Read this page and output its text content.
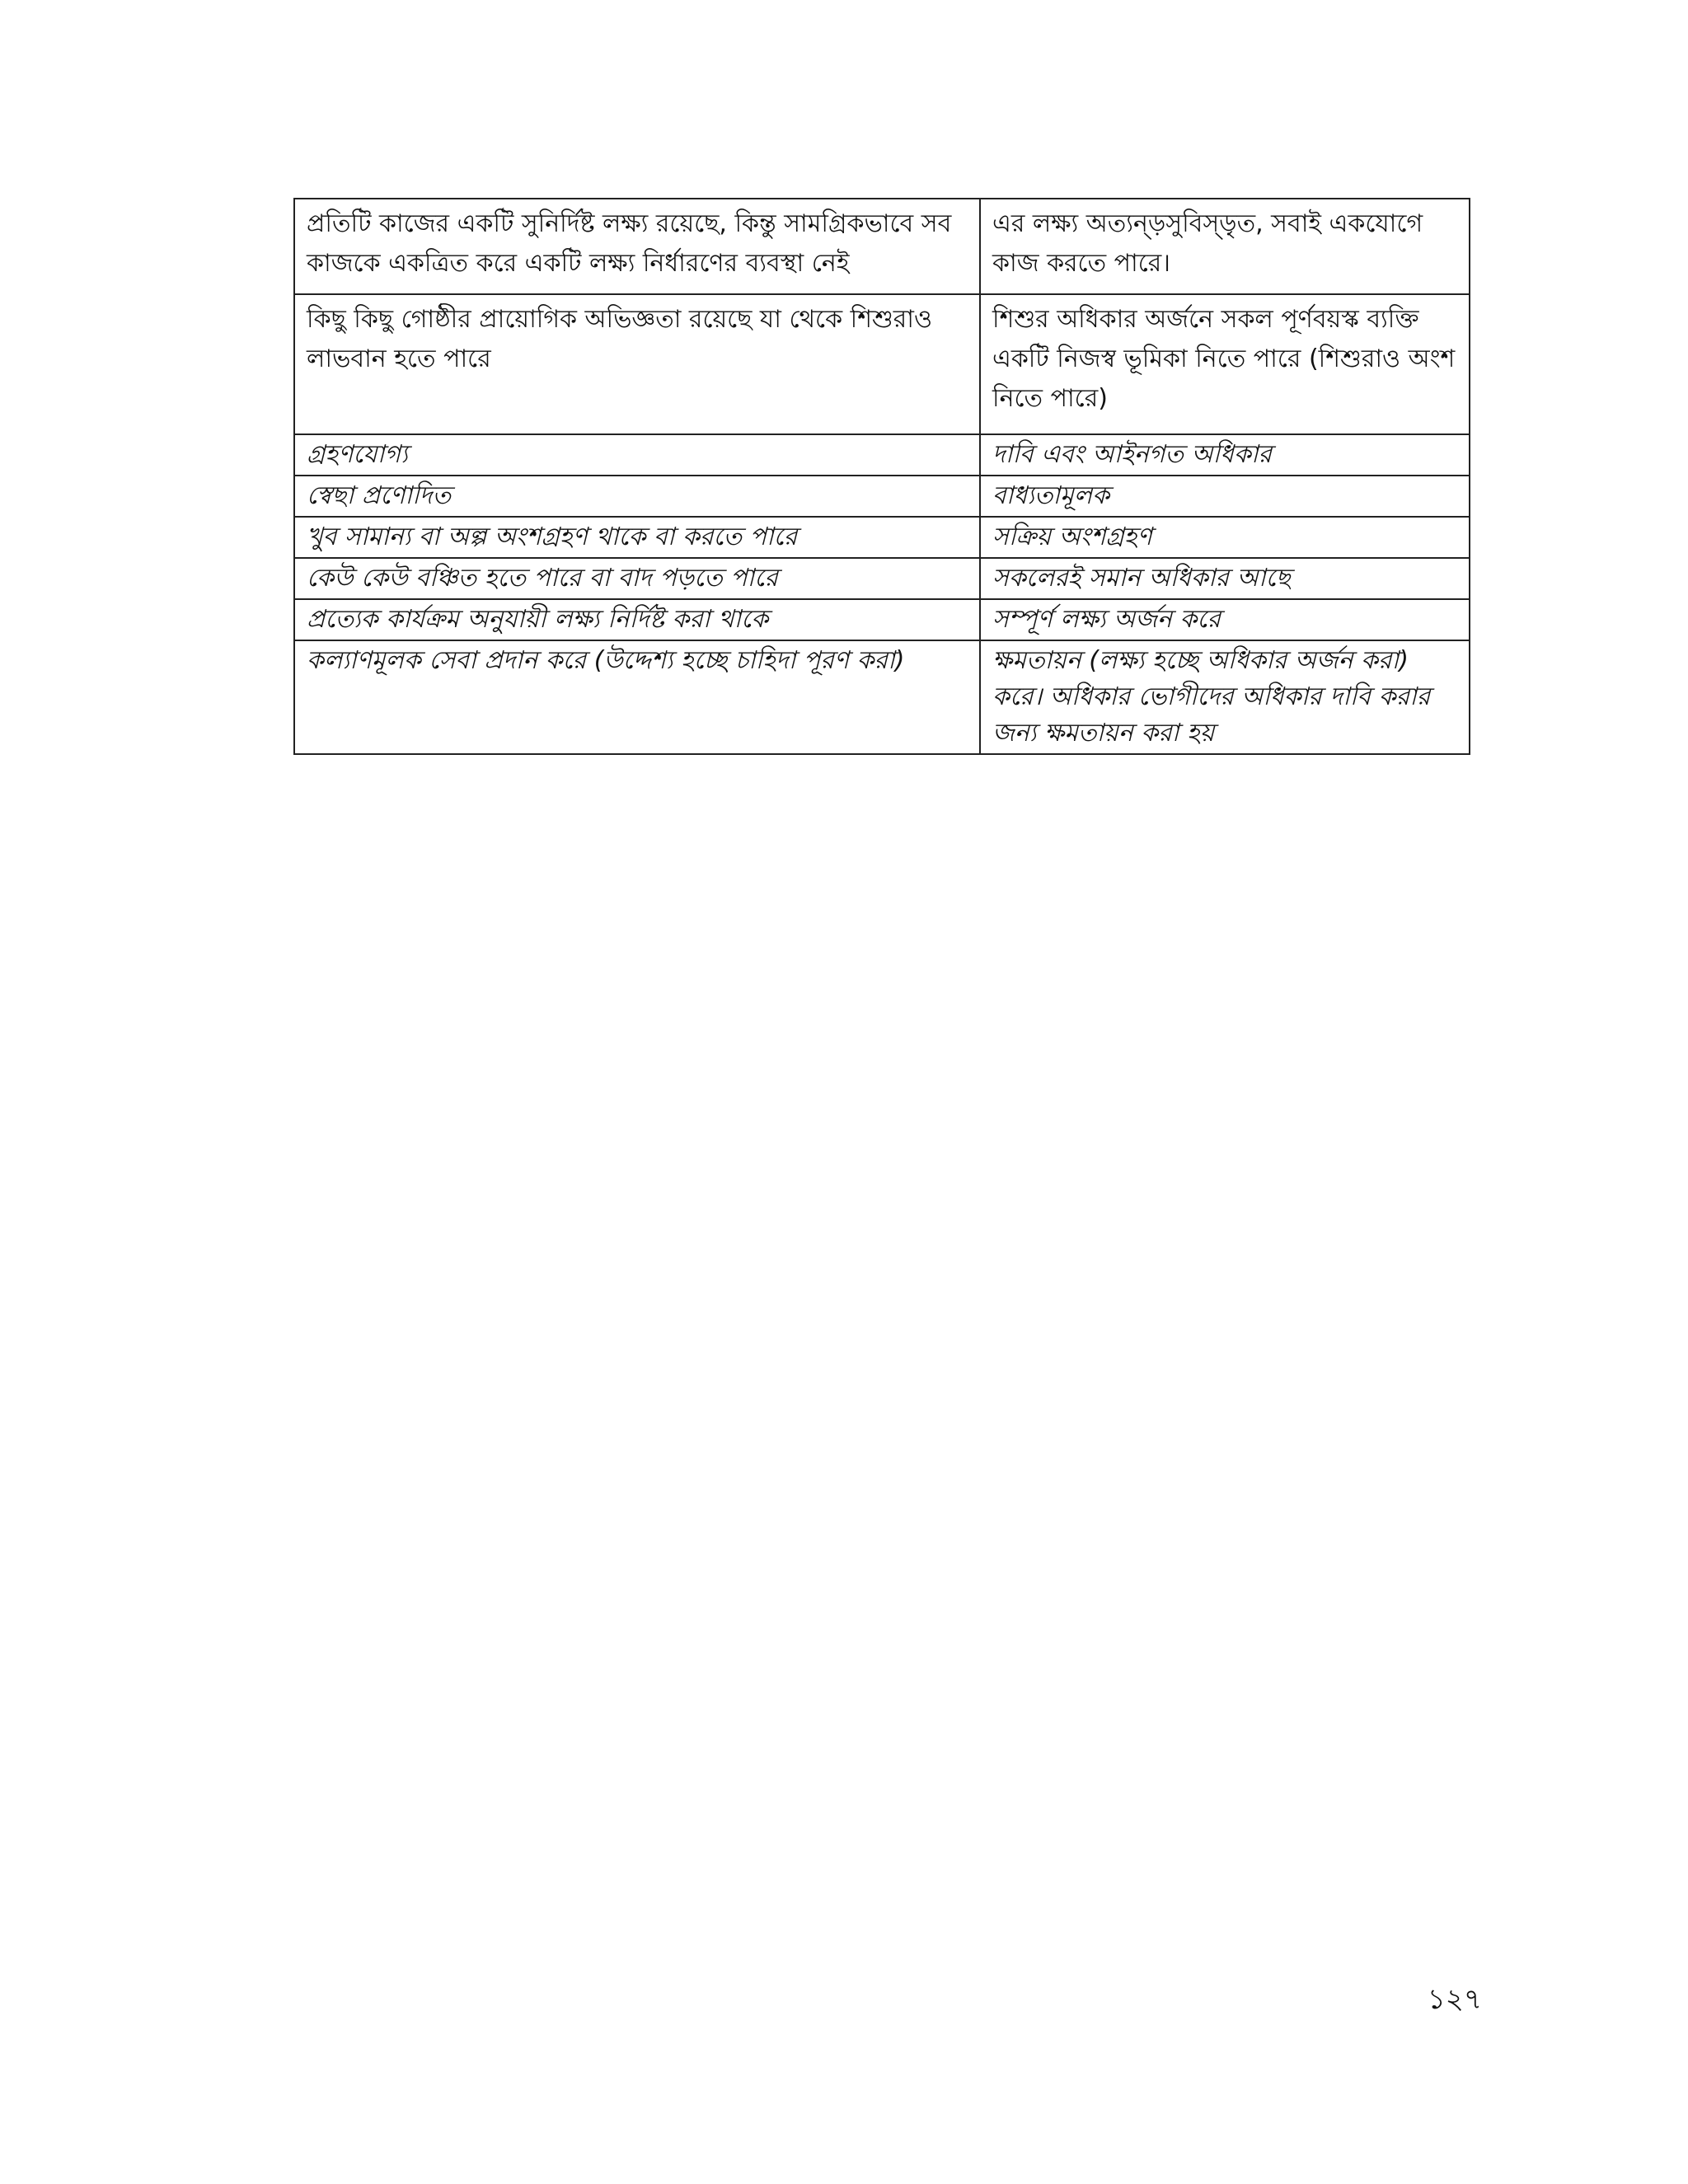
প্রতিটি কাজের একটি সুনির্দিষ্ট লক্ষ্য রয়েছে, কিন্তু সামগ্রিকভাবে সব কাজকে একত্রিত করে একটি লক্ষ্য নির্ধারণের ব্যবস্থা নেই	এর লক্ষ্য অত্যন্ড়সুবিস্ড়ৃত, সবাই একযোগে কাজ করতে পারে।
কিছু কিছু গোষ্ঠীর প্রায়োগিক অভিজ্ঞতা রয়েছে যা থেকে শিশুরাও লাভবান হতে পারে	শিশুর অধিকার অর্জনে সকল পূর্ণবয়স্ক ব্যক্তি একটি নিজস্ব ভূমিকা নিতে পারে (শিশুরাও অংশ নিতে পারে)
গ্রহণযোগ্য	দাবি এবং আইনগত অধিকার
স্বেছা প্রণোদিত	বাধ্যতামূলক
খুব সামান্য বা অল্প অংশগ্রহণ থাকে বা করতে পারে	সক্রিয় অংশগ্রহণ
কেউ কেউ বঞ্চিত হতে পারে বা বাদ পড়তে পারে	সকলেরই সমান অধিকার আছে
প্রত্যেক কার্যক্রম অনুযায়ী লক্ষ্য নির্দিষ্ট করা থাকে	সম্পূর্ণ লক্ষ্য অর্জন করে
কল্যাণমূলক সেবা প্রদান করে (উদ্দেশ্য হচ্ছে চাহিদা পূরণ করা)	ক্ষমতায়ন (লক্ষ্য হচ্ছে অধিকার অর্জন করা) করে। অধিকার ভোগীদের অধিকার দাবি করার জন্য ক্ষমতায়ন করা হয়
১২৭
